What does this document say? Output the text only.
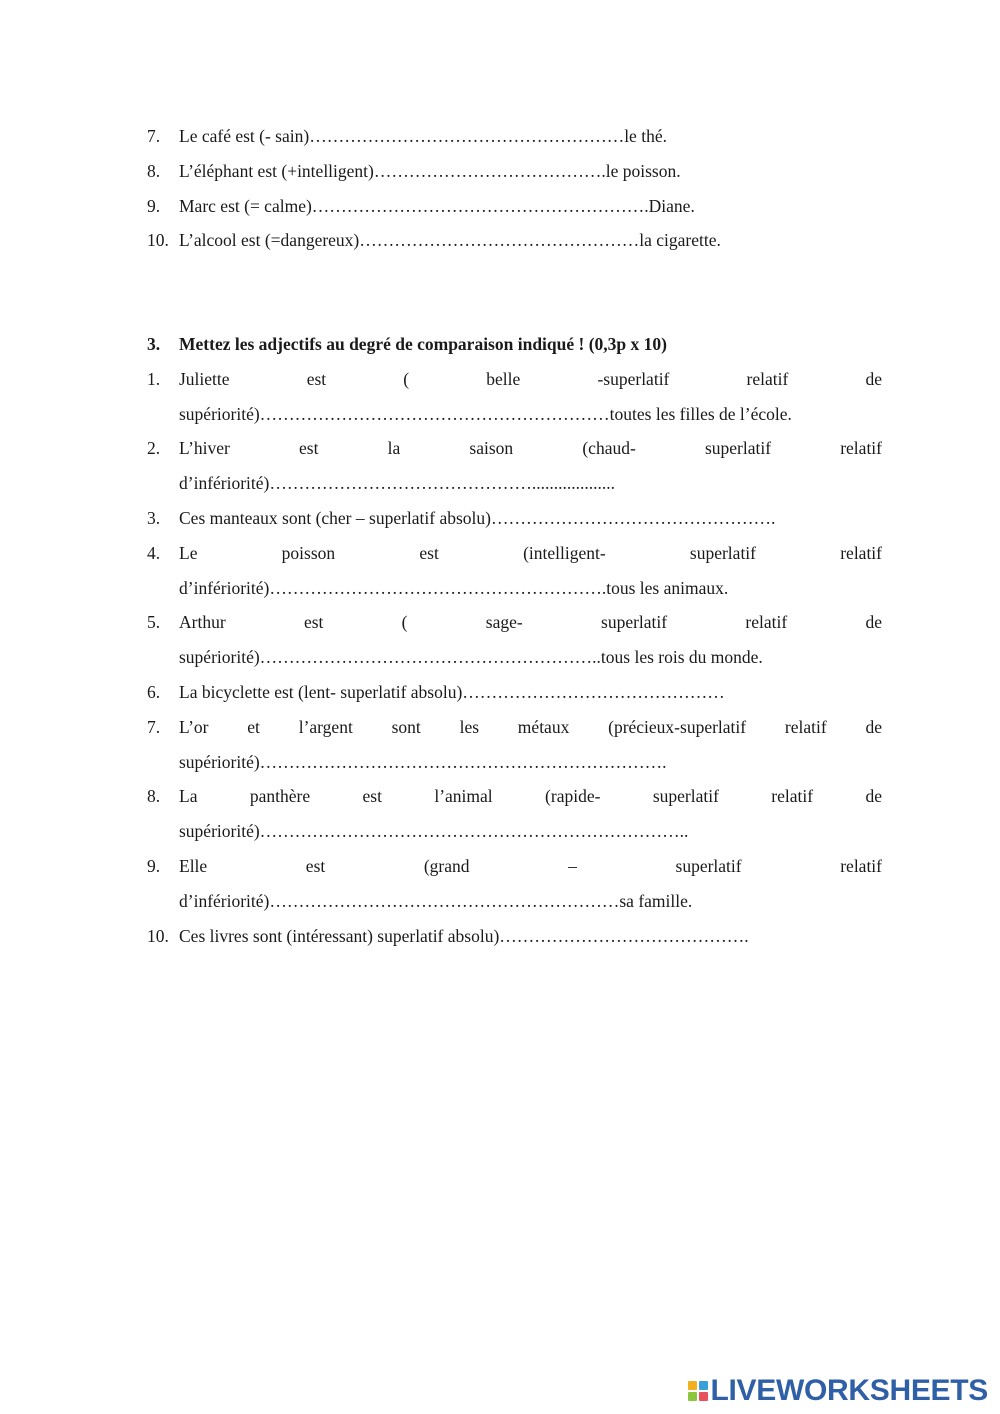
7.	Le café est (- sain)………………………………………………le thé.
8.	L’éléphant est (+intelligent)………………………………….le poisson.
9.	Marc est (= calme)………………………………………………….Diane.
10. L’alcool est (=dangereux)…………………………………………la cigarette.
3.	Mettez les adjectifs au degré de comparaison indiqué ! (0,3p x 10)
1.	Juliette est ( belle -superlatif relatif de
supériorité)……………………………………………………toutes les filles de l’école.
2.	L’hiver est la saison (chaud- superlatif relatif
d’infériorité)………………………………………...................
3.	Ces manteaux sont (cher – superlatif absolu)………………………………………….
4.	Le poisson est (intelligent- superlatif relatif
d’infériorité)………………………………………………….tous les animaux.
5.	Arthur est ( sage- superlatif relatif de
supériorité)…………………………………………………..tous les rois du monde.
6.	La bicyclette est (lent- superlatif absolu)………………………………………
7.	L’or et l’argent sont les métaux (précieux-superlatif relatif de
supériorité)…………………………………………………………….
8.	La panthère est l’animal (rapide- superlatif relatif de
supériorité)………………………………………………………………..
9.	Elle est (grand – superlatif relatif
d’infériorité)……………………………………………………sa famille.
10. Ces livres sont (intéressant) superlatif absolu)…………………………………….
LIVEWORKSHEETS
